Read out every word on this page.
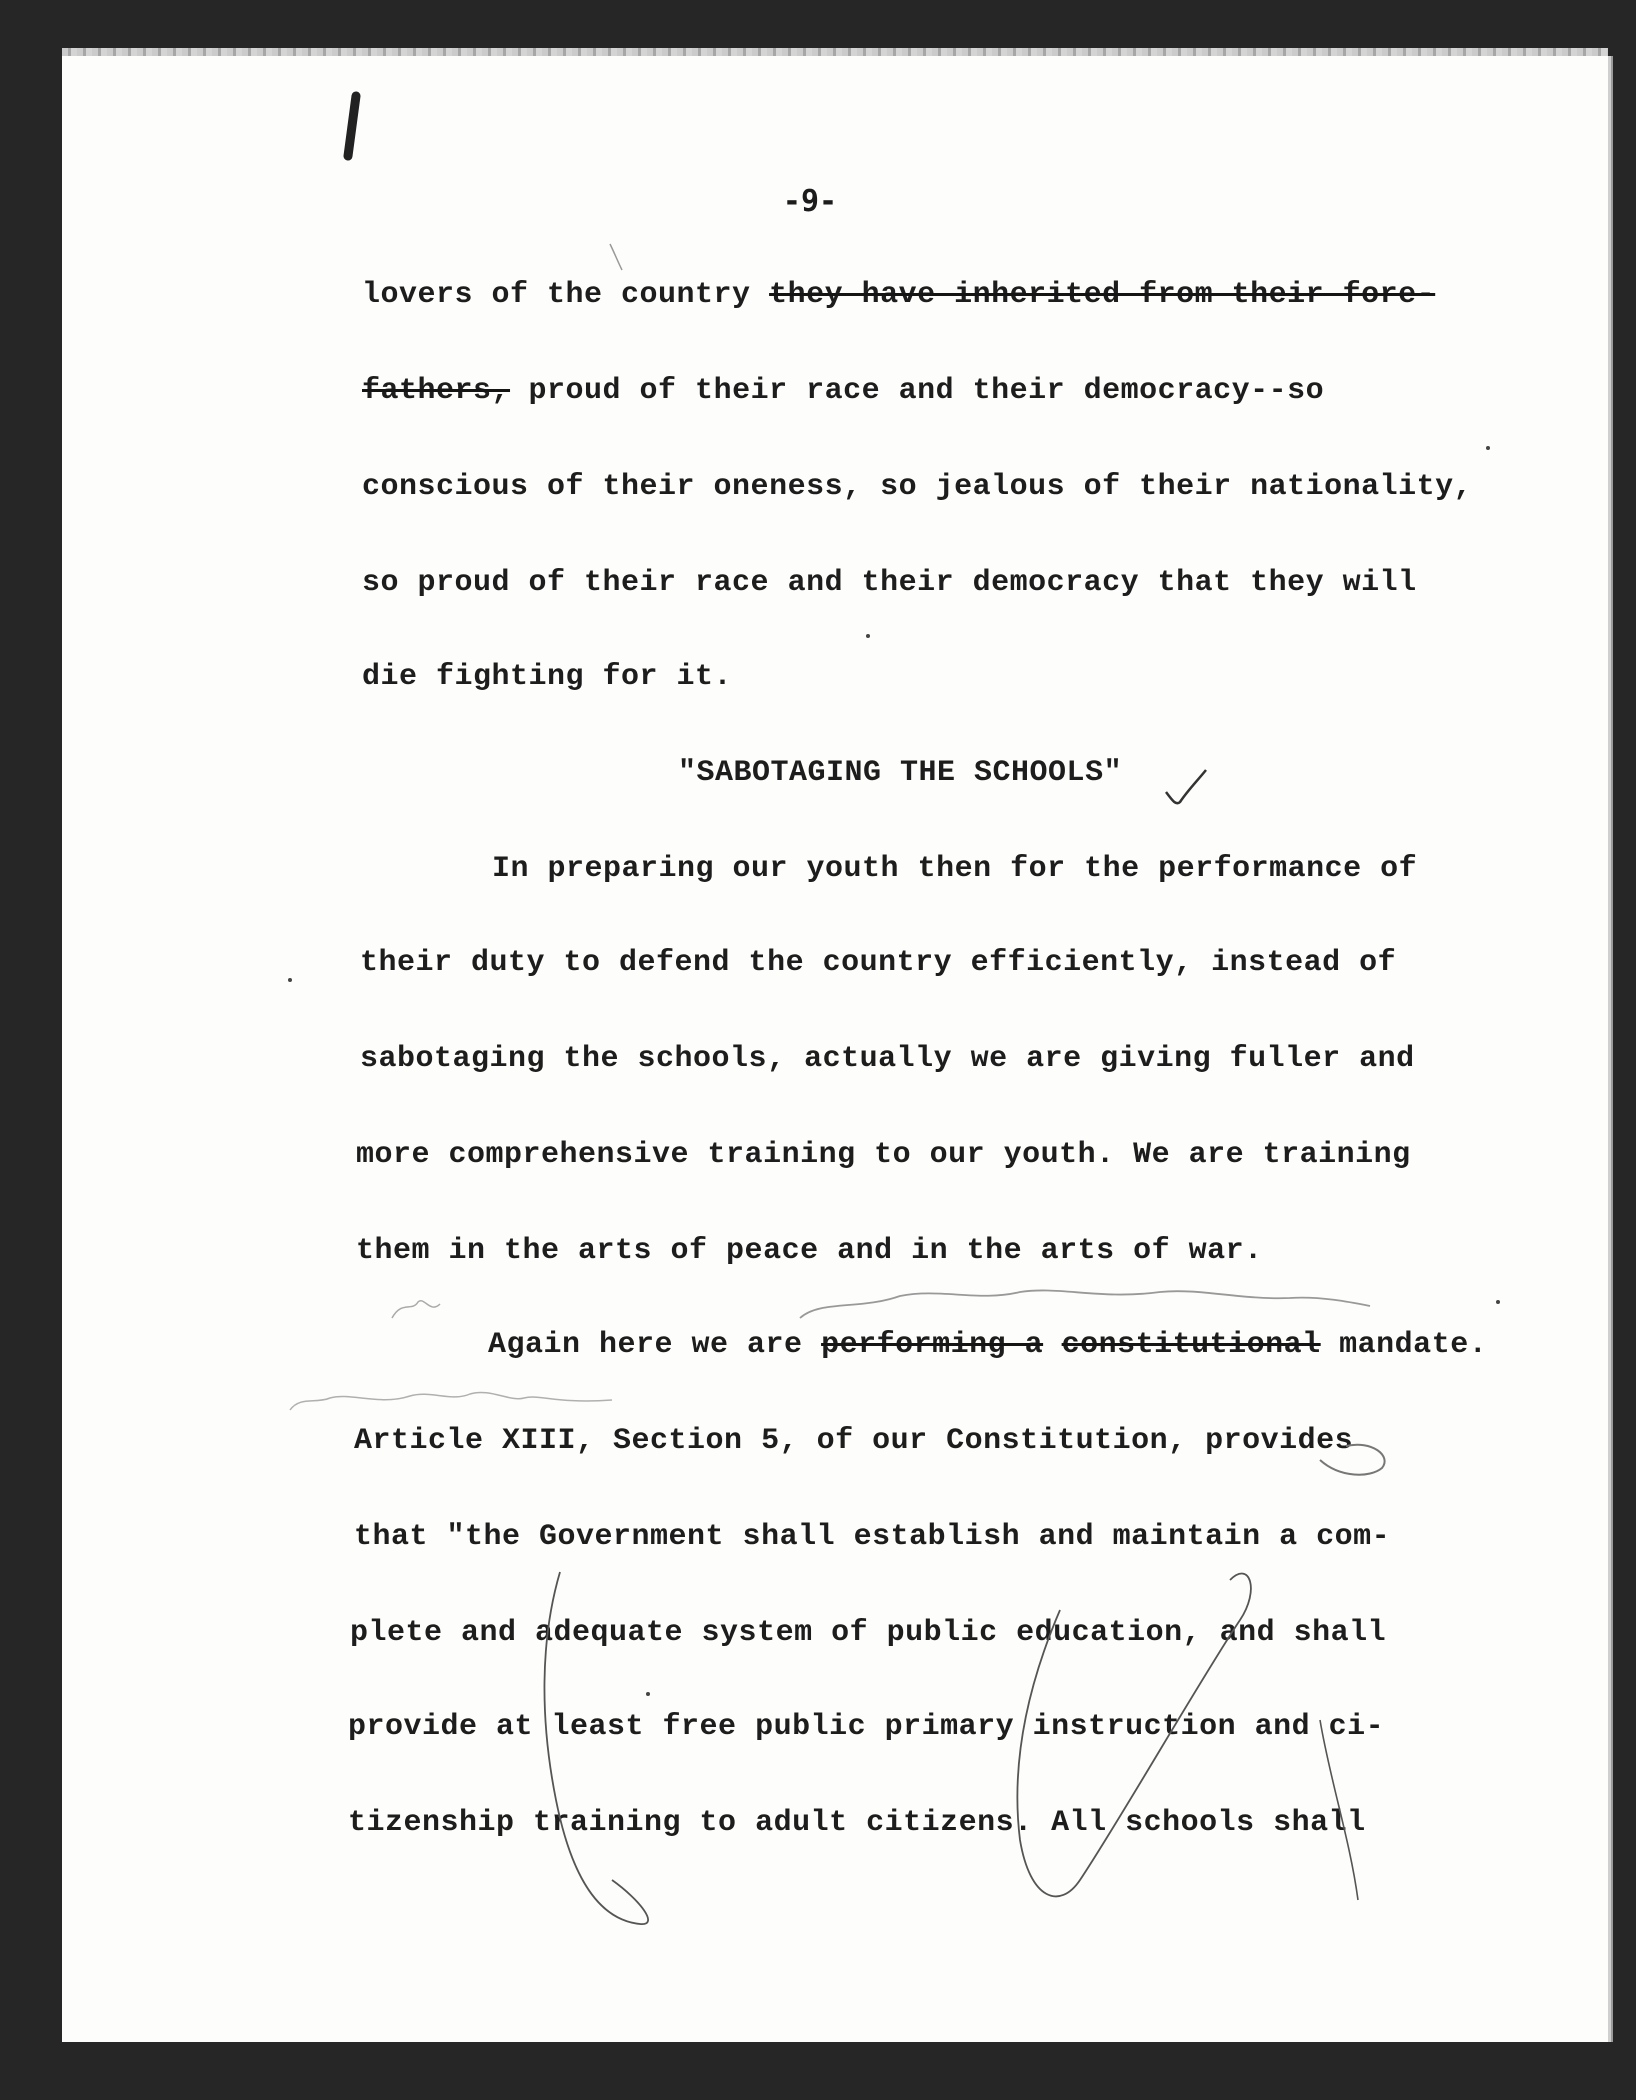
-9-
lovers of the country they have inherited from their fore-
fathers, proud of their race and their democracy--so
conscious of their oneness, so jealous of their nationality,
so proud of their race and their democracy that they will
die fighting for it.
"SABOTAGING THE SCHOOLS"
In preparing our youth then for the performance of
their duty to defend the country efficiently, instead of
sabotaging the schools, actually we are giving fuller and
more comprehensive training to our youth. We are training
them in the arts of peace and in the arts of war.
Again here we are performing a constitutional mandate.
Article XIII, Section 5, of our Constitution, provides
that "the Government shall establish and maintain a com-
plete and adequate system of public education, and shall
provide at least free public primary instruction and ci-
tizenship training to adult citizens. All schools shall
